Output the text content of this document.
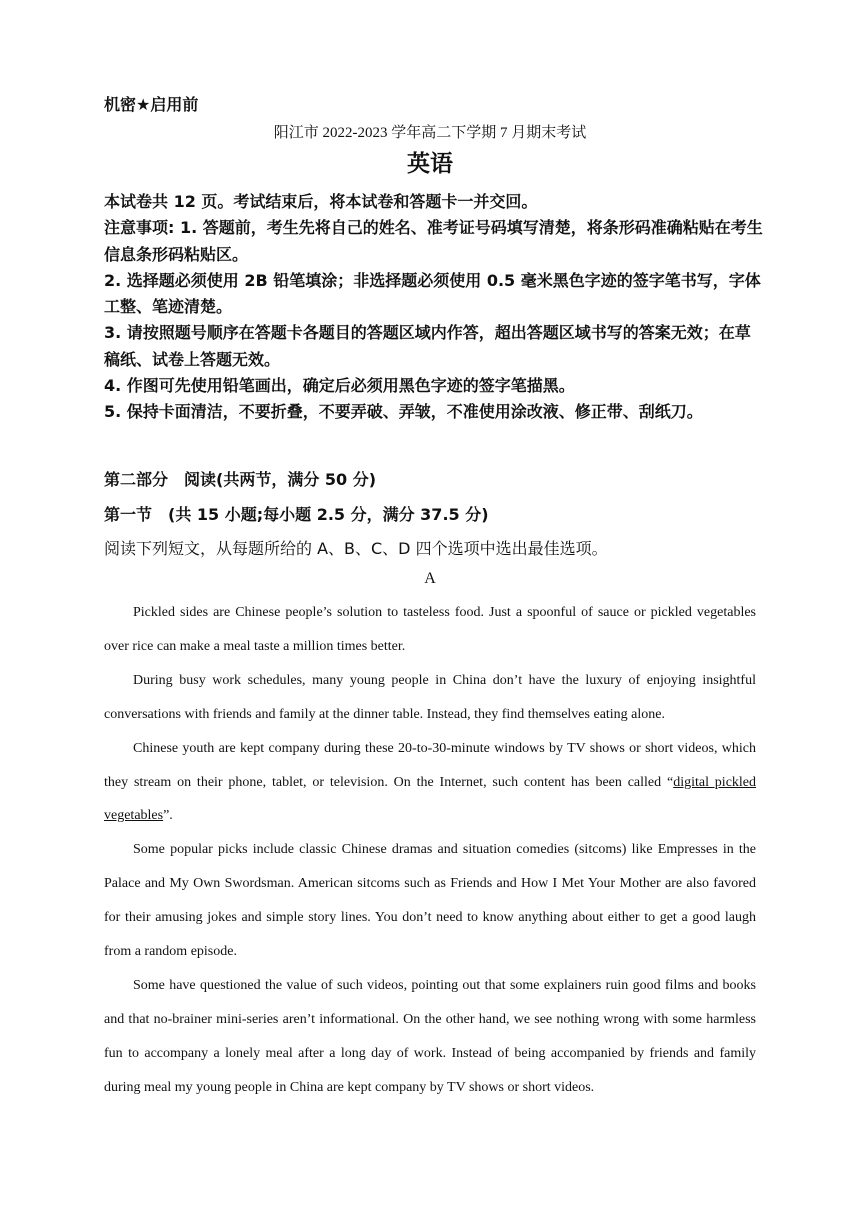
机密★启用前
阳江市 2022-2023 学年高二下学期 7 月期末考试
英语

本试卷共 12 页。考试结束后，将本试卷和答题卡一并交回。

注意事项: 1. 答题前，考生先将自己的姓名、准考证号码填写清楚，将条形码准确粘贴在考生信息条形码粘贴区。

2. 选择题必须使用 2B 铅笔填涂；非选择题必须使用 0.5 毫米黑色字迹的签字笔书写，字体工整、笔迹清楚。

3. 请按照题号顺序在答题卡各题目的答题区域内作答，超出答题区域书写的答案无效；在草稿纸、试卷上答题无效。

4. 作图可先使用铅笔画出，确定后必须用黑色字迹的签字笔描黑。

5. 保持卡面清洁，不要折叠，不要弄破、弄皱，不准使用涂改液、修正带、刮纸刀。

第二部分　阅读(共两节，满分 50 分)
第一节　(共 15 小题;每小题 2.5 分，满分 37.5 分)
阅读下列短文，从每题所给的 A、B、C、D 四个选项中选出最佳选项。
A

Pickled sides are Chinese people’s solution to tasteless food. Just a spoonful of sauce or pickled vegetables over rice can make a meal taste a million times better.

During busy work schedules, many young people in China don’t have the luxury of enjoying insightful conversations with friends and family at the dinner table. Instead, they find themselves eating alone.

Chinese youth are kept company during these 20-to-30-minute windows by TV shows or short videos, which they stream on their phone, tablet, or television. On the Internet, such content has been called “digital pickled vegetables”.

Some popular picks include classic Chinese dramas and situation comedies (sitcoms) like Empresses in the Palace and My Own Swordsman. American sitcoms such as Friends and How I Met Your Mother are also favored for their amusing jokes and simple story lines. You don’t need to know anything about either to get a good laugh from a random episode.

Some have questioned the value of such videos, pointing out that some explainers ruin good films and books and that no-brainer mini-series aren’t informational. On the other hand, we see nothing wrong with some harmless fun to accompany a lonely meal after a long day of work. Instead of being accompanied by friends and family during meal my young people in China are kept company by TV shows or short videos.
